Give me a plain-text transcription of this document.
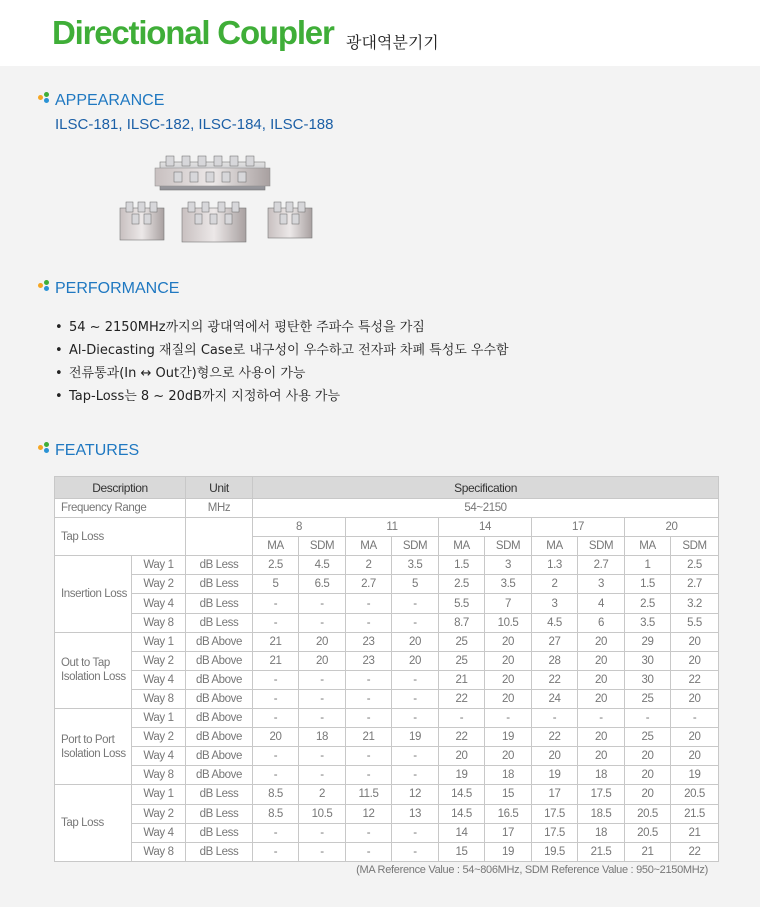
Directional Coupler 광대역분기기
APPEARANCE
ILSC-181, ILSC-182, ILSC-184, ILSC-188
PERFORMANCE
• 54 ~ 2150MHz까지의 광대역에서 평탄한 주파수 특성을 가짐
• Al-Diecasting 재질의 Case로 내구성이 우수하고 전자파 차폐 특성도 우수함
• 전류통과(In ↔ Out간)형으로 사용이 가능
• Tap-Loss는 8 ~ 20dB까지 지정하여 사용 가능
FEATURES
Description		Unit	Specification									
Frequency Range		MHz	54~2150									
Tap Loss			8		11		14		17		20	
			MA	SDM	MA	SDM	MA	SDM	MA	SDM	MA	SDM
Insertion Loss	Way 1	dB Less	2.5	4.5	2	3.5	1.5	3	1.3	2.7	1	2.5
	Way 2	dB Less	5	6.5	2.7	5	2.5	3.5	2	3	1.5	2.7
	Way 4	dB Less	-	-	-	-	5.5	7	3	4	2.5	3.2
	Way 8	dB Less	-	-	-	-	8.7	10.5	4.5	6	3.5	5.5
Out to Tap Isolation Loss	Way 1	dB Above	21	20	23	20	25	20	27	20	29	20
	Way 2	dB Above	21	20	23	20	25	20	28	20	30	20
	Way 4	dB Above	-	-	-	-	21	20	22	20	30	22
	Way 8	dB Above	-	-	-	-	22	20	24	20	25	20
Port to Port Isolation Loss	Way 1	dB Above	-	-	-	-	-	-	-	-	-	-
	Way 2	dB Above	20	18	21	19	22	19	22	20	25	20
	Way 4	dB Above	-	-	-	-	20	20	20	20	20	20
	Way 8	dB Above	-	-	-	-	19	18	19	18	20	19
Tap Loss	Way 1	dB Less	8.5	2	11.5	12	14.5	15	17	17.5	20	20.5
	Way 2	dB Less	8.5	10.5	12	13	14.5	16.5	17.5	18.5	20.5	21.5
	Way 4	dB Less	-	-	-	-	14	17	17.5	18	20.5	21
	Way 8	dB Less	-	-	-	-	15	19	19.5	21.5	21	22
(MA Reference Value : 54~806MHz, SDM Reference Value : 950~2150MHz)
